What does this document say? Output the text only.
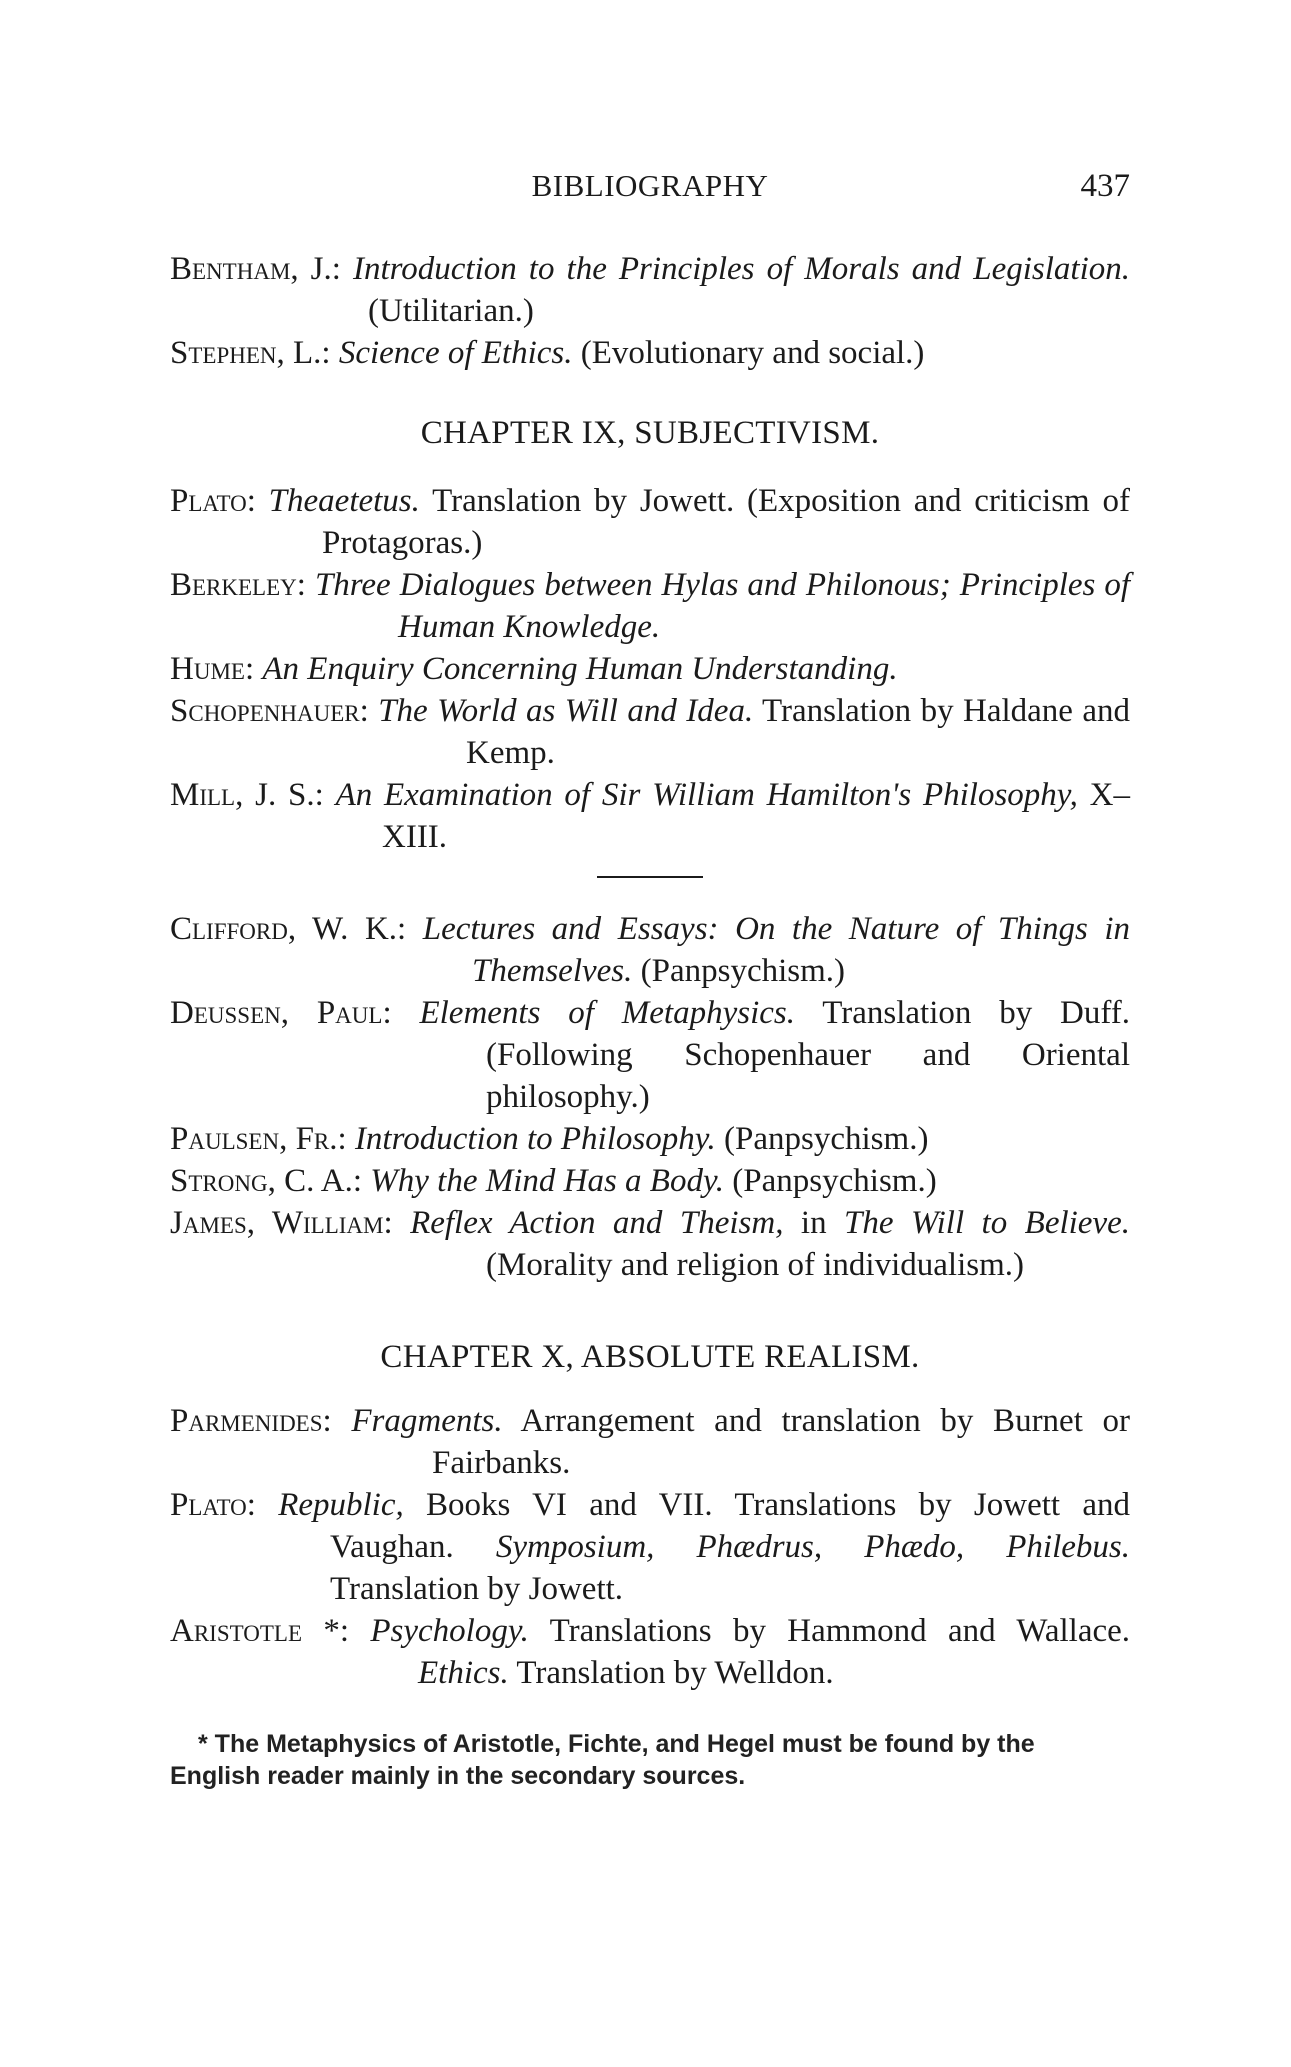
BIBLIOGRAPHY	437

Bentham, J.: Introduction to the Principles of Morals and Legislation. (Utilitarian.)

Stephen, L.: Science of Ethics. (Evolutionary and social.)

CHAPTER IX, SUBJECTIVISM.

Plato: Theaetetus. Translation by Jowett. (Exposition and criticism of Protagoras.)

Berkeley: Three Dialogues between Hylas and Philonous; Principles of Human Knowledge.

Hume: An Enquiry Concerning Human Understanding.

Schopenhauer: The World as Will and Idea. Translation by Haldane and Kemp.

Mill, J. S.: An Examination of Sir William Hamilton's Philosophy, X–XIII.

Clifford, W. K.: Lectures and Essays: On the Nature of Things in Themselves. (Panpsychism.)

Deussen, Paul: Elements of Metaphysics. Translation by Duff. (Following Schopenhauer and Oriental philosophy.)

Paulsen, Fr.: Introduction to Philosophy. (Panpsychism.)

Strong, C. A.: Why the Mind Has a Body. (Panpsychism.)

James, William: Reflex Action and Theism, in The Will to Believe. (Morality and religion of individualism.)

CHAPTER X, ABSOLUTE REALISM.

Parmenides: Fragments. Arrangement and translation by Burnet or Fairbanks.

Plato: Republic, Books VI and VII. Translations by Jowett and Vaughan. Symposium, Phædrus, Phædo, Philebus. Translation by Jowett.

Aristotle *: Psychology. Translations by Hammond and Wallace. Ethics. Translation by Welldon.

* The Metaphysics of Aristotle, Fichte, and Hegel must be found by the English reader mainly in the secondary sources.
